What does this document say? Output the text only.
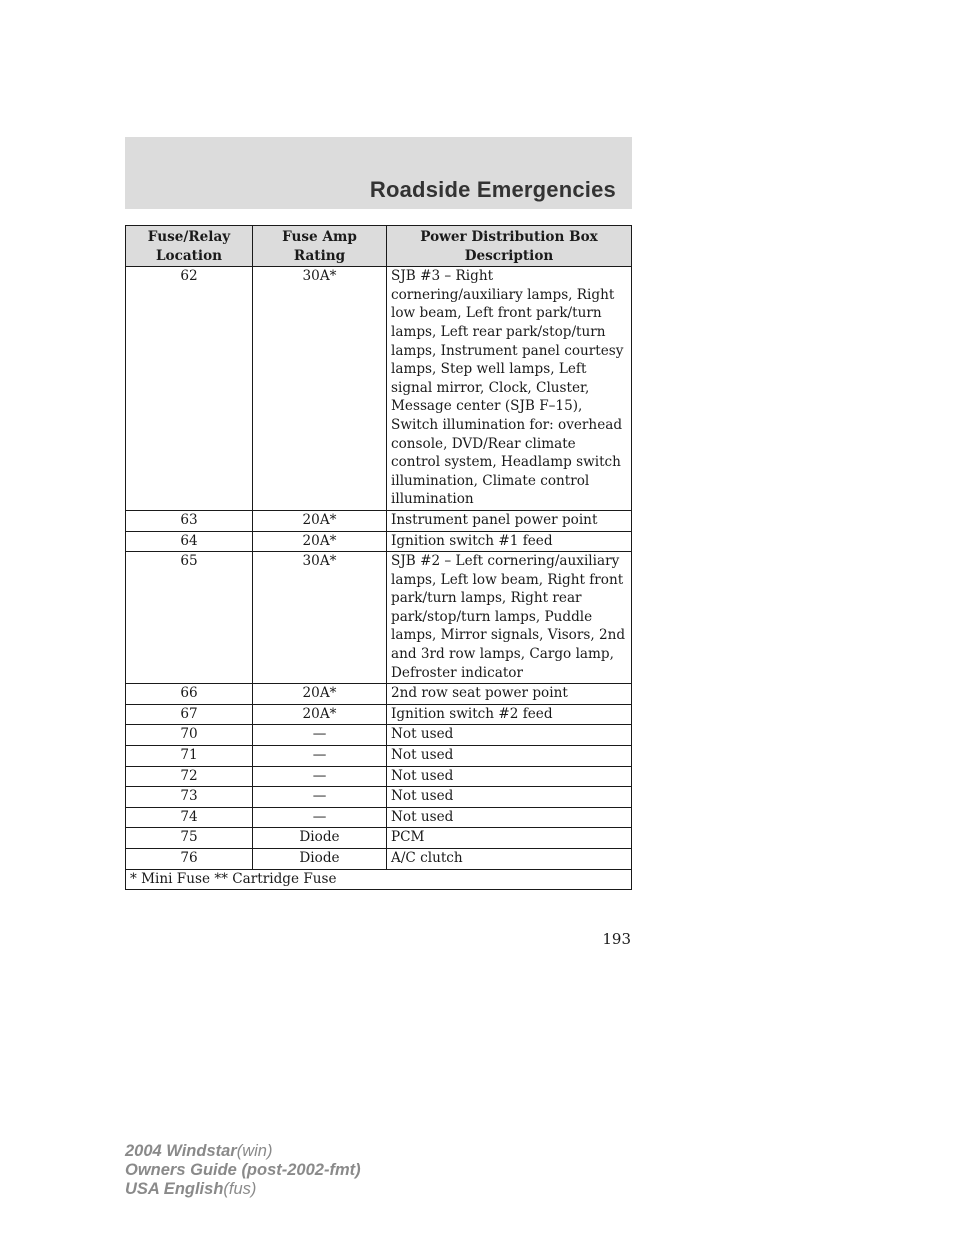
Roadside Emergencies
Fuse/Relay Location	Fuse Amp Rating	Power Distribution Box Description
62	30A*	SJB #3 – Right cornering/auxiliary lamps, Right low beam, Left front park/turn lamps, Left rear park/stop/turn lamps, Instrument panel courtesy lamps, Step well lamps, Left signal mirror, Clock, Cluster, Message center (SJB F–15), Switch illumination for: overhead console, DVD/Rear climate control system, Headlamp switch illumination, Climate control illumination
63	20A*	Instrument panel power point
64	20A*	Ignition switch #1 feed
65	30A*	SJB #2 – Left cornering/auxiliary lamps, Left low beam, Right front park/turn lamps, Right rear park/stop/turn lamps, Puddle lamps, Mirror signals, Visors, 2nd and 3rd row lamps, Cargo lamp, Defroster indicator
66	20A*	2nd row seat power point
67	20A*	Ignition switch #2 feed
70	—	Not used
71	—	Not used
72	—	Not used
73	—	Not used
74	—	Not used
75	Diode	PCM
76	Diode	A/C clutch
* Mini Fuse ** Cartridge Fuse		
193
2004 Windstar(win)
Owners Guide (post-2002-fmt)
USA English(fus)
